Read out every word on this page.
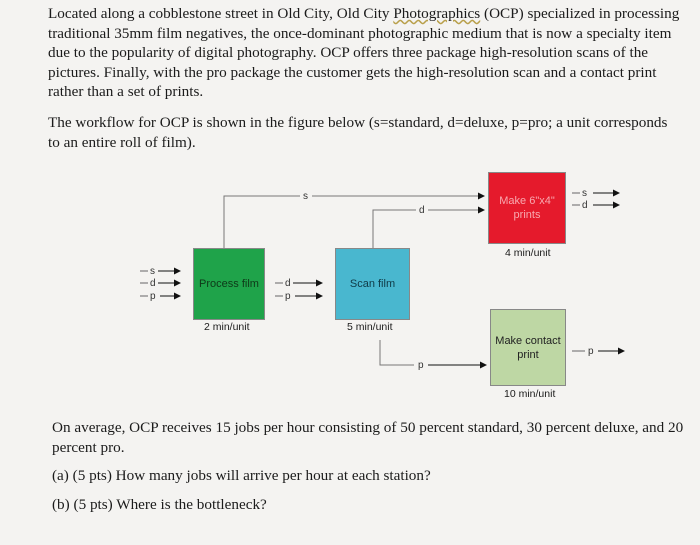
Located along a cobblestone street in Old City, Old City Photographics (OCP) specialized in processing traditional 35mm film negatives, the once-dominant photographic medium that is now a specialty item due to the popularity of digital photography. OCP offers three package high-resolution scans of the pictures. Finally, with the pro package the customer gets the high-resolution scan and a contact print rather than a set of prints.

The workflow for OCP is shown in the figure below (s=standard, d=deluxe, p=pro; a unit corresponds to an entire roll of film).

s
d
p
s
d
p
d
p
s
d
p
Process film
2 min/unit
Scan film
5 min/unit
Make 6"x4" prints
4 min/unit
Make contact print
10 min/unit

On average, OCP receives 15 jobs per hour consisting of 50 percent standard, 30 percent deluxe, and 20 percent pro.

(a) (5 pts) How many jobs will arrive per hour at each station?

(b) (5 pts) Where is the bottleneck?
